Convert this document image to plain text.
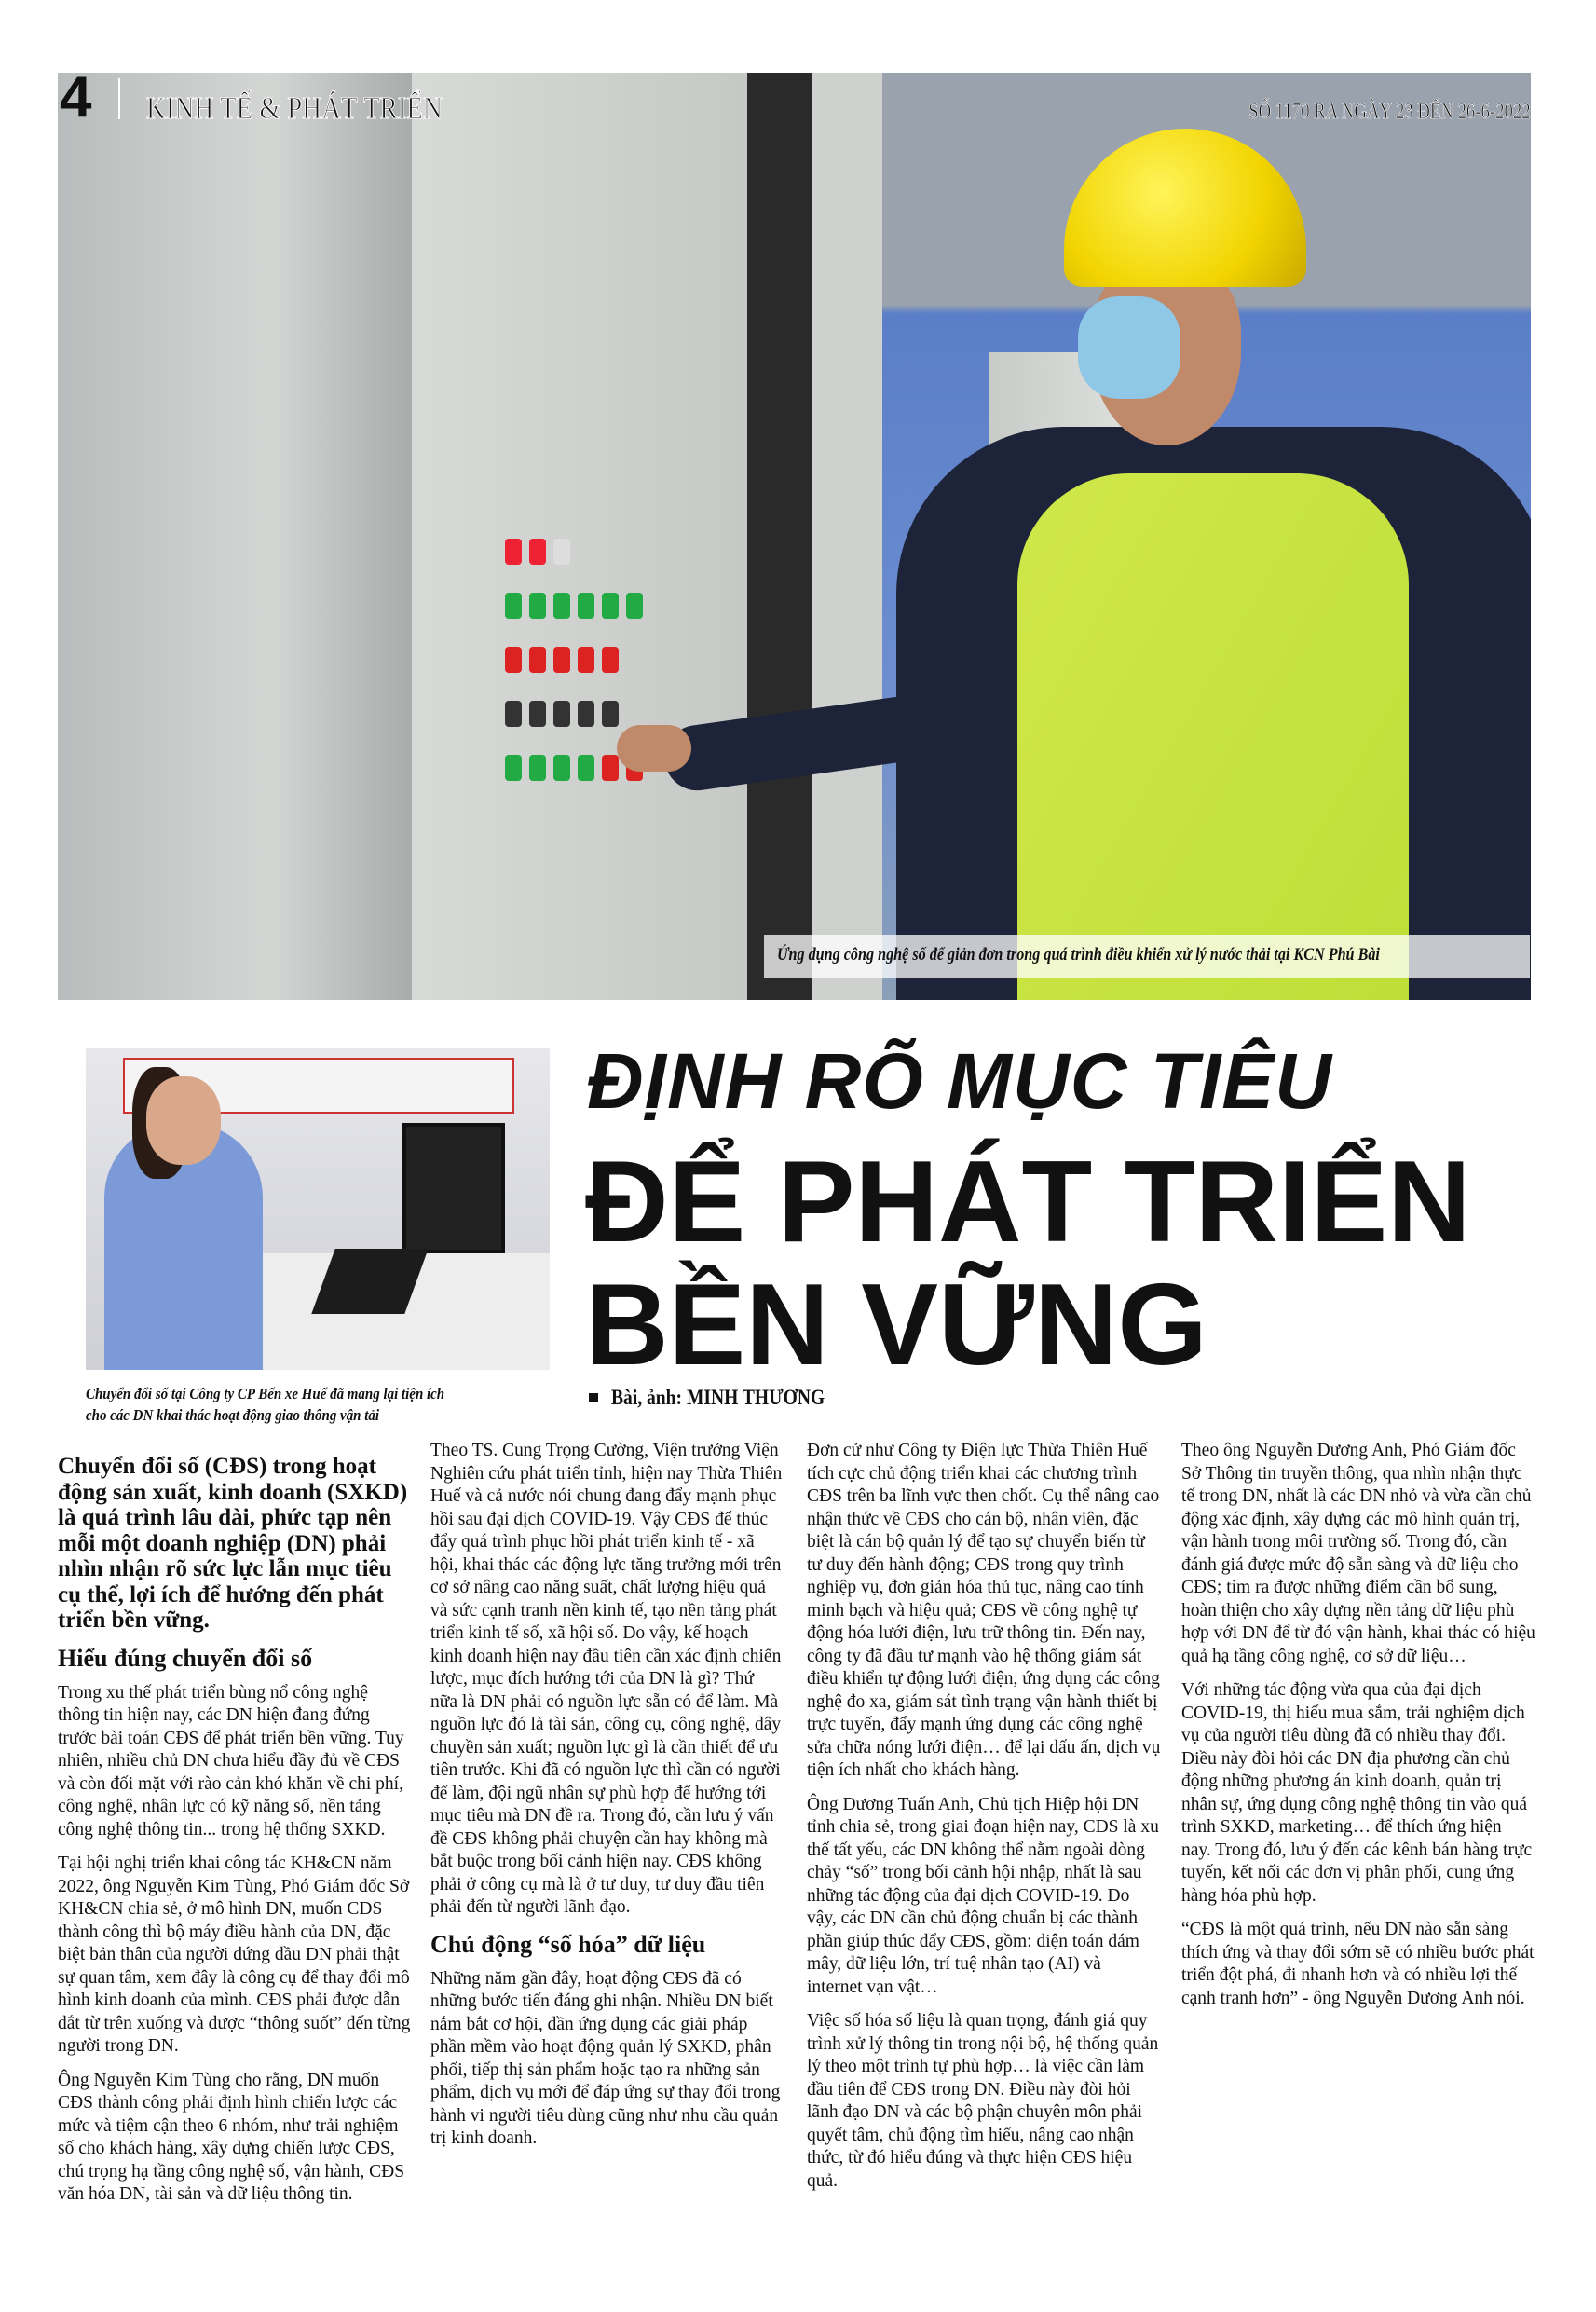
4 KINH TẾ & PHÁT TRIỂN	SỐ 1170 RA NGÀY 23 ĐẾN 26-6-2022
Ứng dụng công nghệ số để giản đơn trong quá trình điều khiển xử lý nước thải tại KCN Phú Bài
Chuyển đổi số tại Công ty CP Bến xe Huế đã mang lại tiện ích
cho các DN khai thác hoạt động giao thông vận tải
ĐỊNH RÕ MỤC TIÊU
ĐỂ PHÁT TRIỂN
BỀN VỮNG
Bài, ảnh: MINH THƯƠNG

Chuyển đổi số (CĐS) trong hoạt động sản xuất, kinh doanh (SXKD) là quá trình lâu dài, phức tạp nên mỗi một doanh nghiệp (DN) phải nhìn nhận rõ sức lực lẫn mục tiêu cụ thể, lợi ích để hướng đến phát triển bền vững.

Hiểu đúng chuyển đổi số

Trong xu thế phát triển bùng nổ công nghệ thông tin hiện nay, các DN hiện đang đứng trước bài toán CĐS để phát triển bền vững. Tuy nhiên, nhiều chủ DN chưa hiểu đầy đủ về CĐS và còn đối mặt với rào cản khó khăn về chi phí, công nghệ, nhân lực có kỹ năng số, nền tảng công nghệ thông tin... trong hệ thống SXKD.

Tại hội nghị triển khai công tác KH&CN năm 2022, ông Nguyễn Kim Tùng, Phó Giám đốc Sở KH&CN chia sẻ, ở mô hình DN, muốn CĐS thành công thì bộ máy điều hành của DN, đặc biệt bản thân của người đứng đầu DN phải thật sự quan tâm, xem đây là công cụ để thay đổi mô hình kinh doanh của mình. CĐS phải được dẫn dắt từ trên xuống và được “thông suốt” đến từng người trong DN.

Ông Nguyễn Kim Tùng cho rằng, DN muốn CĐS thành công phải định hình chiến lược các mức và tiệm cận theo 6 nhóm, như trải nghiệm số cho khách hàng, xây dựng chiến lược CĐS, chú trọng hạ tầng công nghệ số, vận hành, CĐS văn hóa DN, tài sản và dữ liệu thông tin.

Theo TS. Cung Trọng Cường, Viện trưởng Viện Nghiên cứu phát triển tỉnh, hiện nay Thừa Thiên Huế và cả nước nói chung đang đẩy mạnh phục hồi sau đại dịch COVID-19. Vậy CĐS để thúc đẩy quá trình phục hồi phát triển kinh tế - xã hội, khai thác các động lực tăng trưởng mới trên cơ sở nâng cao năng suất, chất lượng hiệu quả và sức cạnh tranh nền kinh tế, tạo nền tảng phát triển kinh tế số, xã hội số. Do vậy, kế hoạch kinh doanh hiện nay đầu tiên cần xác định chiến lược, mục đích hướng tới của DN là gì? Thứ nữa là DN phải có nguồn lực sẵn có để làm. Mà nguồn lực đó là tài sản, công cụ, công nghệ, dây chuyền sản xuất; nguồn lực gì là cần thiết để ưu tiên trước. Khi đã có nguồn lực thì cần có người để làm, đội ngũ nhân sự phù hợp để hướng tới mục tiêu mà DN đề ra. Trong đó, cần lưu ý vấn đề CĐS không phải chuyện cần hay không mà bắt buộc trong bối cảnh hiện nay. CĐS không phải ở công cụ mà là ở tư duy, tư duy đầu tiên phải đến từ người lãnh đạo.

Chủ động “số hóa” dữ liệu

Những năm gần đây, hoạt động CĐS đã có những bước tiến đáng ghi nhận. Nhiều DN biết nắm bắt cơ hội, dần ứng dụng các giải pháp phần mềm vào hoạt động quản lý SXKD, phân phối, tiếp thị sản phẩm hoặc tạo ra những sản phẩm, dịch vụ mới để đáp ứng sự thay đổi trong hành vi người tiêu dùng cũng như nhu cầu quản trị kinh doanh.

Đơn cử như Công ty Điện lực Thừa Thiên Huế tích cực chủ động triển khai các chương trình CĐS trên ba lĩnh vực then chốt. Cụ thể nâng cao nhận thức về CĐS cho cán bộ, nhân viên, đặc biệt là cán bộ quản lý để tạo sự chuyển biến từ tư duy đến hành động; CĐS trong quy trình nghiệp vụ, đơn giản hóa thủ tục, nâng cao tính minh bạch và hiệu quả; CĐS về công nghệ tự động hóa lưới điện, lưu trữ thông tin. Đến nay, công ty đã đầu tư mạnh vào hệ thống giám sát điều khiển tự động lưới điện, ứng dụng các công nghệ đo xa, giám sát tình trạng vận hành thiết bị trực tuyến, đẩy mạnh ứng dụng các công nghệ sửa chữa nóng lưới điện… để lại dấu ấn, dịch vụ tiện ích nhất cho khách hàng.

Ông Dương Tuấn Anh, Chủ tịch Hiệp hội DN tỉnh chia sẻ, trong giai đoạn hiện nay, CĐS là xu thế tất yếu, các DN không thể nằm ngoài dòng chảy “số” trong bối cảnh hội nhập, nhất là sau những tác động của đại dịch COVID-19. Do vậy, các DN cần chủ động chuẩn bị các thành phần giúp thúc đẩy CĐS, gồm: điện toán đám mây, dữ liệu lớn, trí tuệ nhân tạo (AI) và internet vạn vật…

Việc số hóa số liệu là quan trọng, đánh giá quy trình xử lý thông tin trong nội bộ, hệ thống quản lý theo một trình tự phù hợp… là việc cần làm đầu tiên để CĐS trong DN. Điều này đòi hỏi lãnh đạo DN và các bộ phận chuyên môn phải quyết tâm, chủ động tìm hiểu, nâng cao nhận thức, từ đó hiểu đúng và thực hiện CĐS hiệu quả.

Theo ông Nguyễn Dương Anh, Phó Giám đốc Sở Thông tin truyền thông, qua nhìn nhận thực tế trong DN, nhất là các DN nhỏ và vừa cần chủ động xác định, xây dựng các mô hình quản trị, vận hành trong môi trường số. Trong đó, cần đánh giá được mức độ sẵn sàng và dữ liệu cho CĐS; tìm ra được những điểm cần bổ sung, hoàn thiện cho xây dựng nền tảng dữ liệu phù hợp với DN để từ đó vận hành, khai thác có hiệu quả hạ tầng công nghệ, cơ sở dữ liệu…

Với những tác động vừa qua của đại dịch COVID-19, thị hiếu mua sắm, trải nghiệm dịch vụ của người tiêu dùng đã có nhiều thay đổi. Điều này đòi hỏi các DN địa phương cần chủ động những phương án kinh doanh, quản trị nhân sự, ứng dụng công nghệ thông tin vào quá trình SXKD, marketing… để thích ứng hiện nay. Trong đó, lưu ý đến các kênh bán hàng trực tuyến, kết nối các đơn vị phân phối, cung ứng hàng hóa phù hợp.

“CĐS là một quá trình, nếu DN nào sẵn sàng thích ứng và thay đổi sớm sẽ có nhiều bước phát triển đột phá, đi nhanh hơn và có nhiều lợi thế cạnh tranh hơn” - ông Nguyễn Dương Anh nói.
